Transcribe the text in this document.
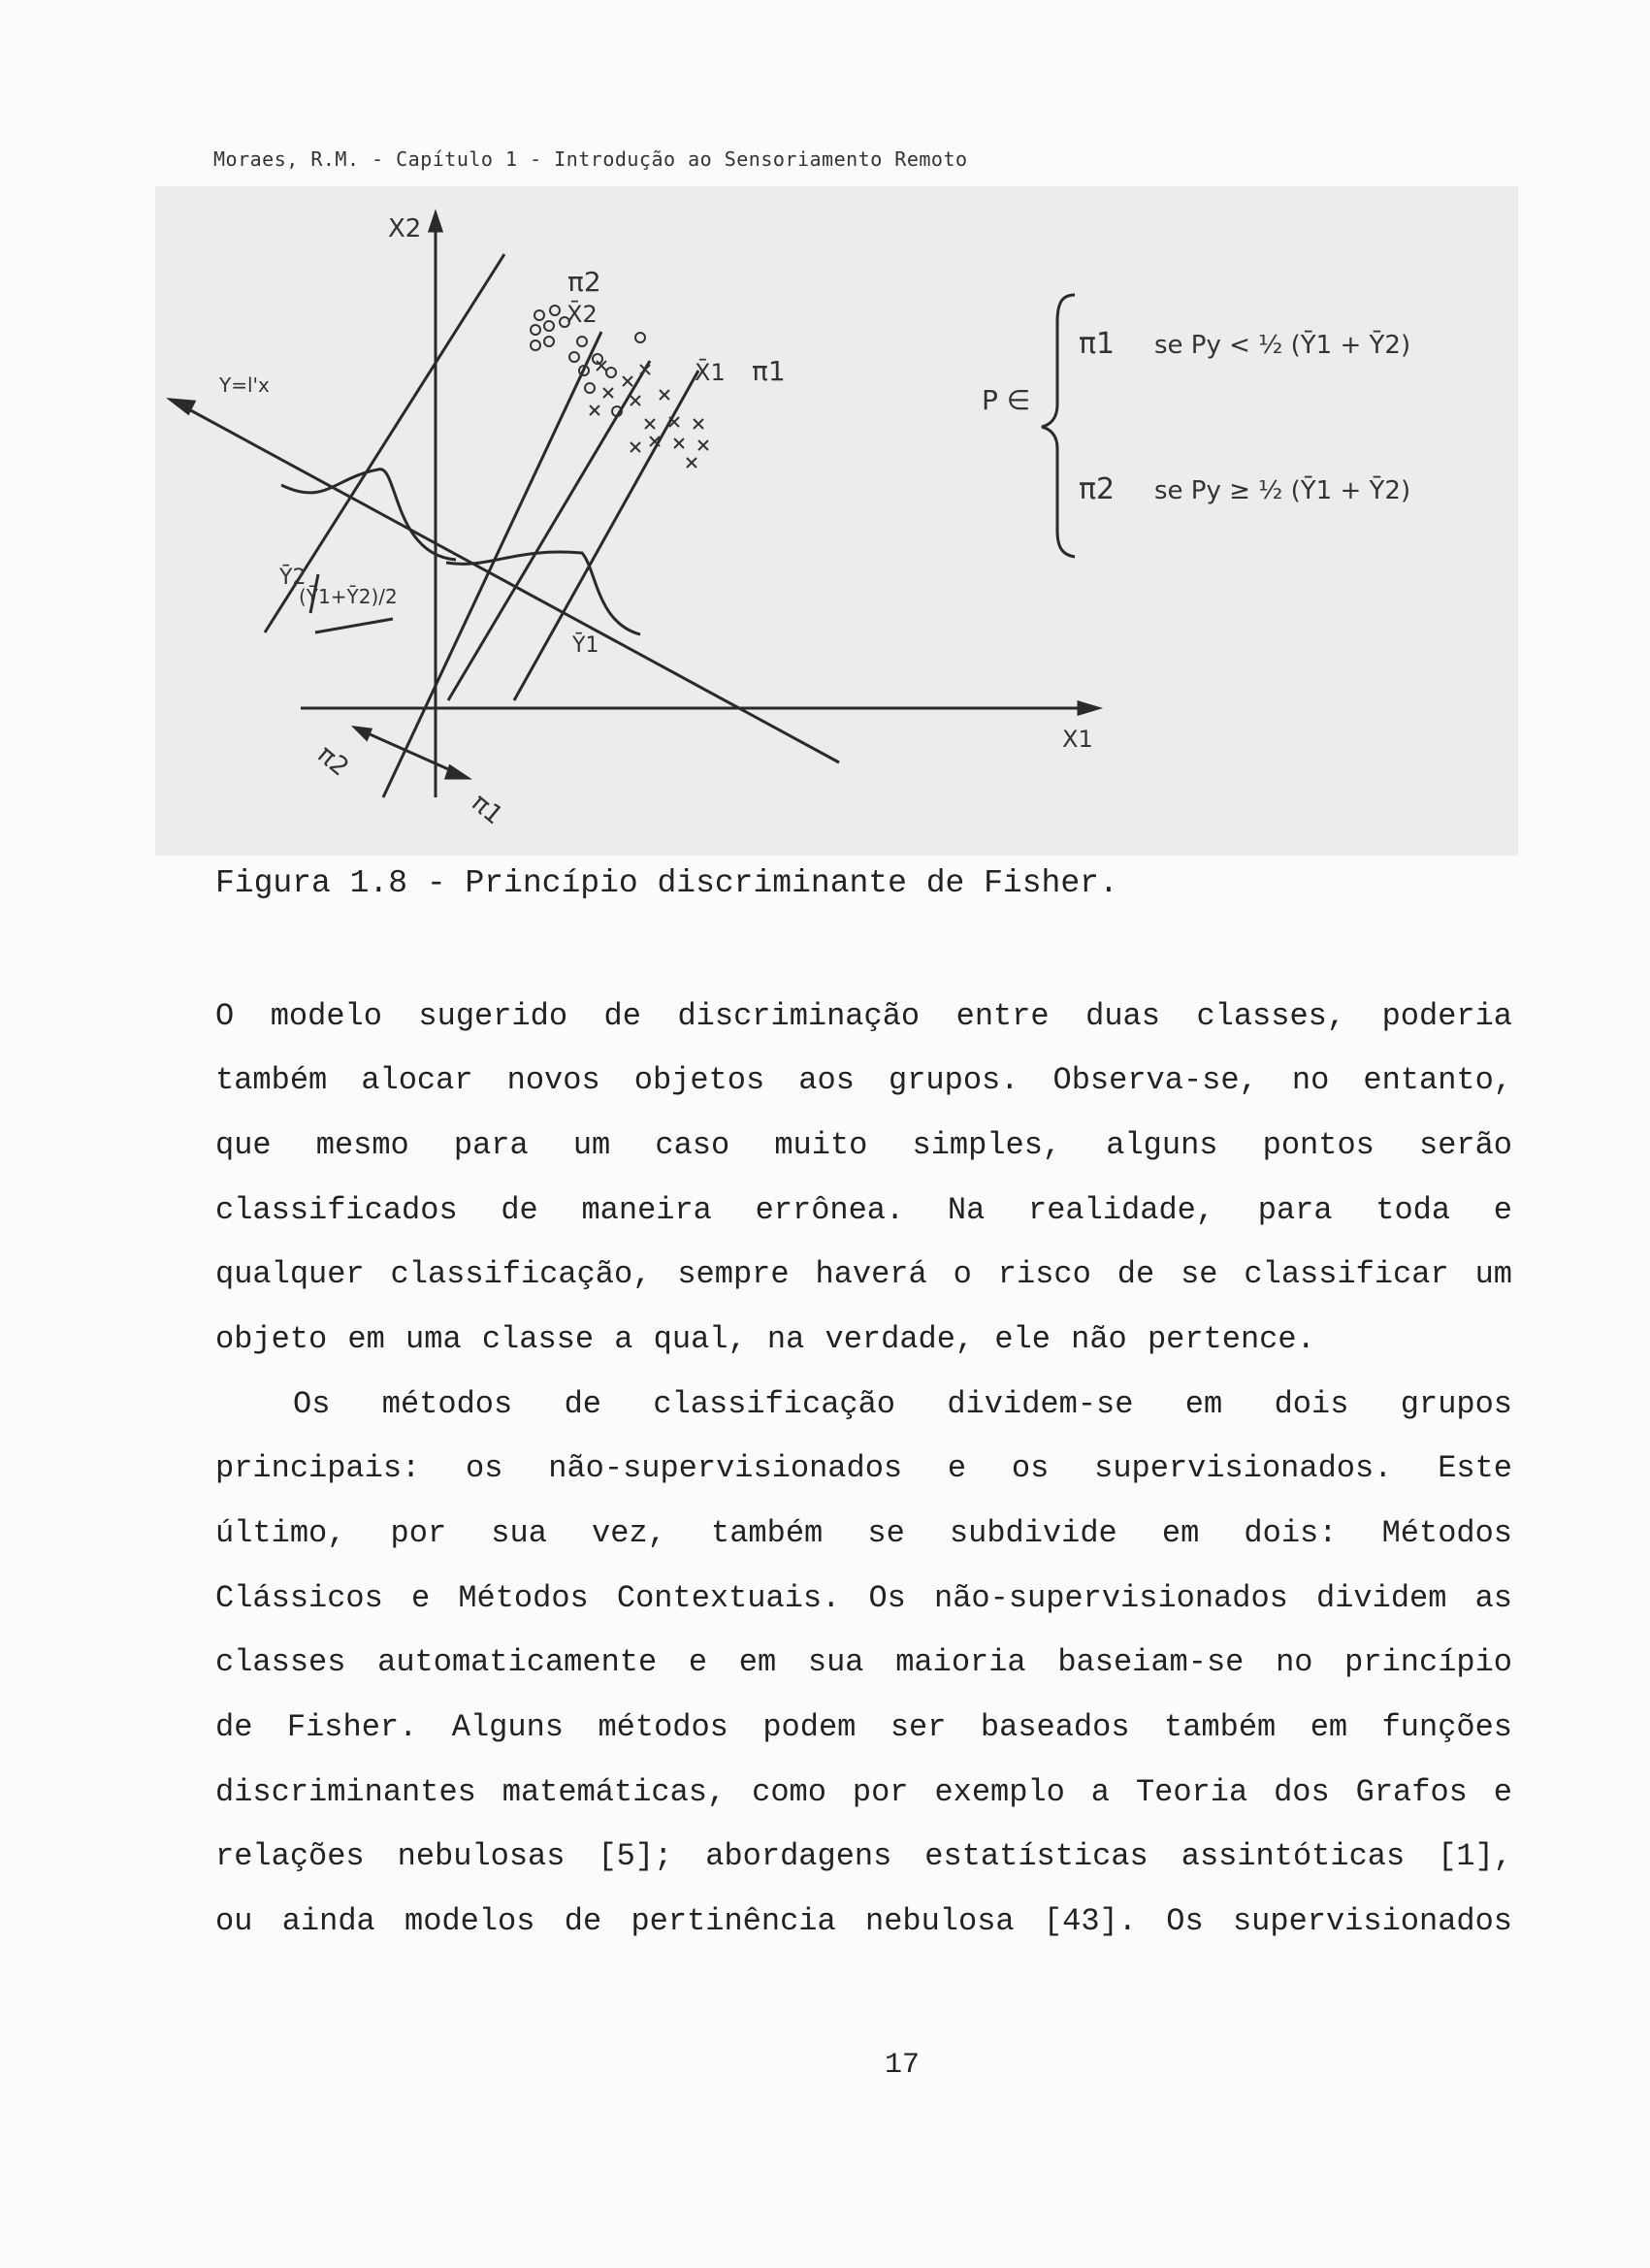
Moraes, R.M. - Capítulo 1 - Introdução ao Sensoriamento Remoto
X2
X1
Y=l'x
π2
π1
X̄2
X̄1
Ȳ2
Ȳ1
(Ȳ1+Ȳ2)/2
π2
π1
P ∈
π1 se Py < ½ (Ȳ1 + Ȳ2)
π2 se Py ≥ ½ (Ȳ1 + Ȳ2)
Figura 1.8 - Princípio discriminante de Fisher.
O modelo sugerido de discriminação entre duas classes, poderia
também alocar novos objetos aos grupos. Observa-se, no entanto,
que mesmo para um caso muito simples, alguns pontos serão
classificados de maneira errônea. Na realidade, para toda e
qualquer classificação, sempre haverá o risco de se classificar um
objeto em uma classe a qual, na verdade, ele não pertence.
Os métodos de classificação dividem-se em dois grupos
principais: os não-supervisionados e os supervisionados. Este
último, por sua vez, também se subdivide em dois: Métodos
Clássicos e Métodos Contextuais. Os não-supervisionados dividem as
classes automaticamente e em sua maioria baseiam-se no princípio
de Fisher. Alguns métodos podem ser baseados também em funções
discriminantes matemáticas, como por exemplo a Teoria dos Grafos e
relações nebulosas [5]; abordagens estatísticas assintóticas [1],
ou ainda modelos de pertinência nebulosa [43]. Os supervisionados
17
